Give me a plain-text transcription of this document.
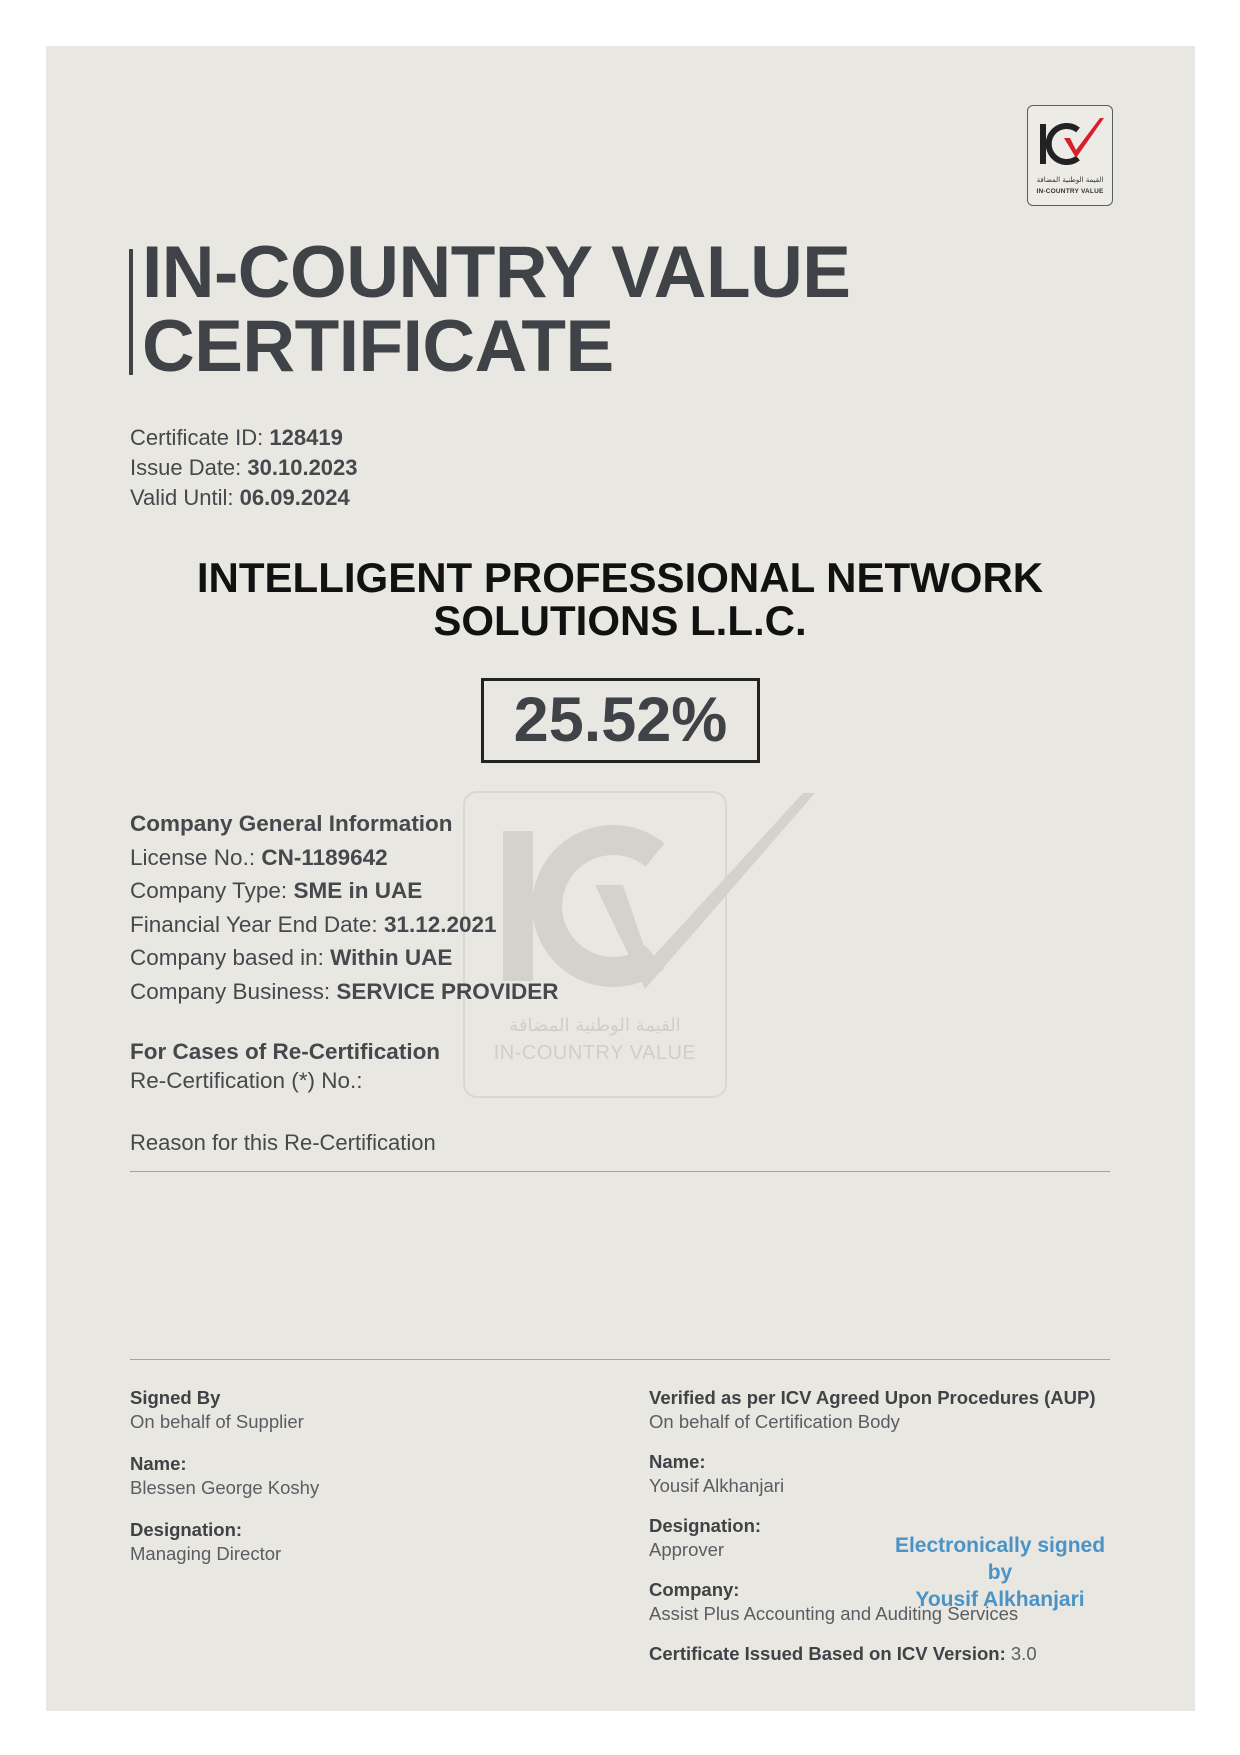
القيمة الوطنية المضافة
IN-COUNTRY VALUE
IN-COUNTRY VALUE
CERTIFICATE
Certificate ID: 128419
Issue Date: 30.10.2023
Valid Until: 06.09.2024
INTELLIGENT PROFESSIONAL NETWORK
SOLUTIONS L.L.C.
25.52%
القيمة الوطنية المضافة
IN-COUNTRY VALUE
Company General Information
License No.: CN-1189642
Company Type: SME in UAE
Financial Year End Date: 31.12.2021
Company based in: Within UAE
Company Business: SERVICE PROVIDER
For Cases of Re-Certification
Re-Certification (*) No.:
Reason for this Re-Certification
Signed By
On behalf of Supplier
Name:
Blessen George Koshy
Designation:
Managing Director
Verified as per ICV Agreed Upon Procedures (AUP)
On behalf of Certification Body
Name:
Yousif Alkhanjari
Designation:
Approver
Company:
Assist Plus Accounting and Auditing Services
Certificate Issued Based on ICV Version: 3.0
Electronically signed by
Yousif Alkhanjari
